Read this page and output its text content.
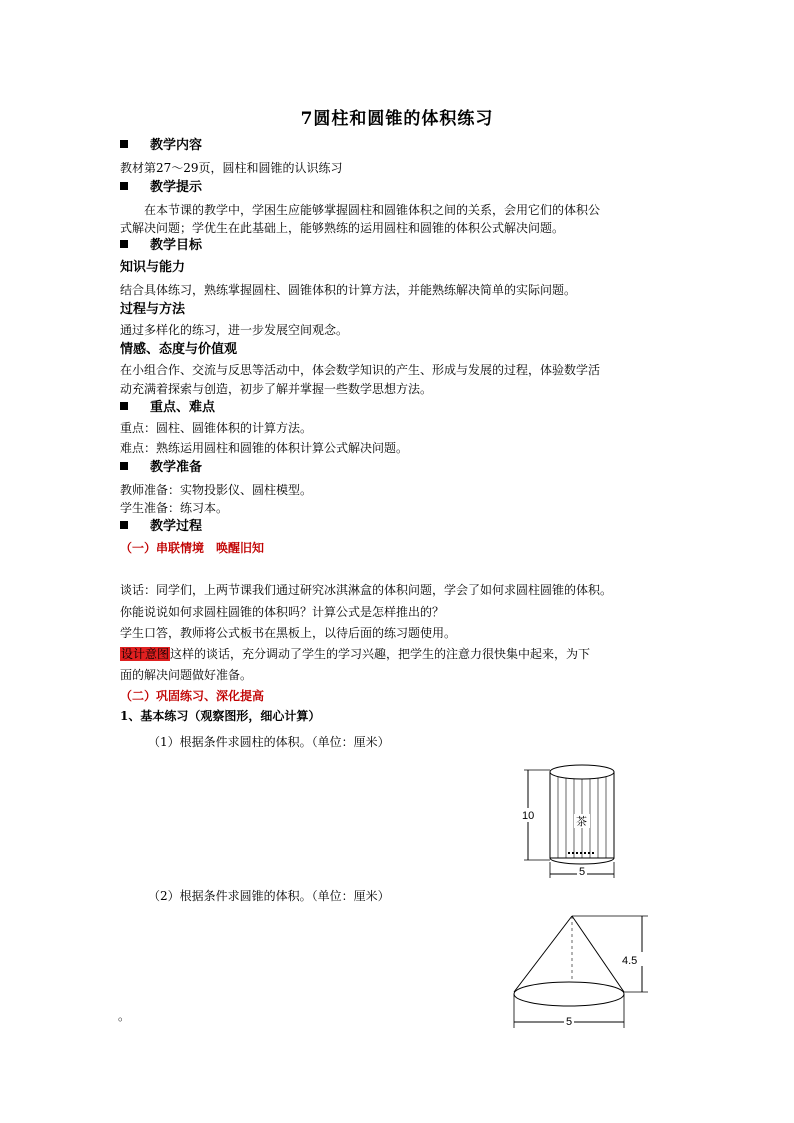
7圆柱和圆锥的体积练习
教学内容
教材第27～29页，圆柱和圆锥的认识练习
教学提示
在本节课的教学中，学困生应能够掌握圆柱和圆锥体积之间的关系，会用它们的体积公
式解决问题；学优生在此基础上，能够熟练的运用圆柱和圆锥的体积公式解决问题。
教学目标
知识与能力
结合具体练习，熟练掌握圆柱、圆锥体积的计算方法，并能熟练解决简单的实际问题。
过程与方法
通过多样化的练习，进一步发展空间观念。
情感、态度与价值观
在小组合作、交流与反思等活动中，体会数学知识的产生、形成与发展的过程，体验数学活
动充满着探索与创造，初步了解并掌握一些数学思想方法。
重点、难点
重点：圆柱、圆锥体积的计算方法。
难点：熟练运用圆柱和圆锥的体积计算公式解决问题。
教学准备
教师准备：实物投影仪、圆柱模型。
学生准备：练习本。
教学过程
（一）串联情境　唤醒旧知
谈话：同学们，上两节课我们通过研究冰淇淋盒的体积问题，学会了如何求圆柱圆锥的体积。
你能说说如何求圆柱圆锥的体积吗？计算公式是怎样推出的？
学生口答，教师将公式板书在黑板上，以待后面的练习题使用。
设计意图这样的谈话，充分调动了学生的学习兴趣，把学生的注意力很快集中起来，为下
面的解决问题做好准备。
（二）巩固练习、深化提高
1、基本练习（观察图形，细心计算）
（1）根据条件求圆柱的体积。（单位：厘米）
. 10	茶
5
（2）根据条件求圆锥的体积。（单位：厘米）
4.5
5
。
